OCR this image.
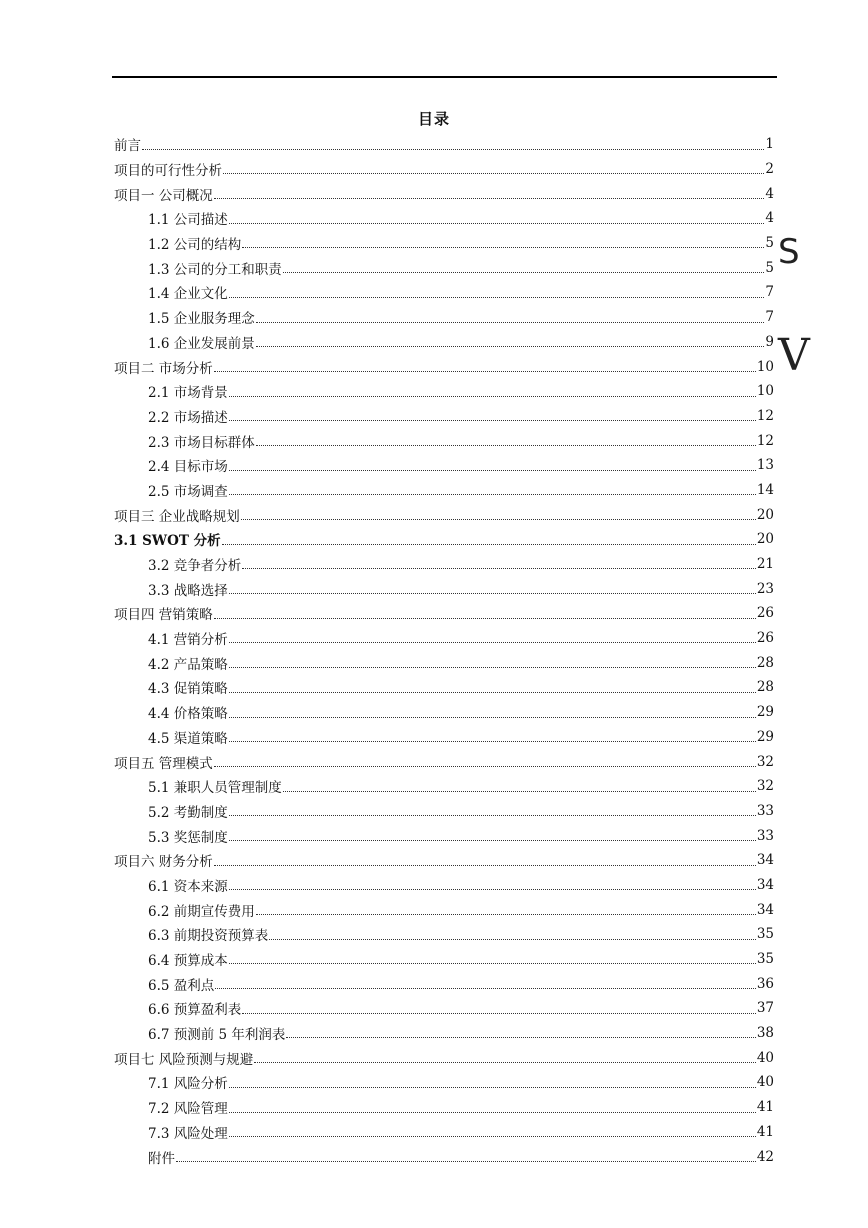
目录
前言	1
项目的可行性分析	2
项目一 公司概况	4
1.1 公司描述	4
1.2 公司的结构	5
1.3 公司的分工和职责	5
1.4 企业文化	7
1.5 企业服务理念	7
1.6 企业发展前景	9
项目二 市场分析	10
2.1 市场背景	10
2.2 市场描述	12
2.3 市场目标群体	12
2.4 目标市场	13
2.5 市场调查	14
项目三 企业战略规划	20
3.1 SWOT 分析	20
3.2 竞争者分析	21
3.3 战略选择	23
项目四 营销策略	26
4.1 营销分析	26
4.2 产品策略	28
4.3 促销策略	28
4.4 价格策略	29
4.5 渠道策略	29
项目五 管理模式	32
5.1 兼职人员管理制度	32
5.2 考勤制度	33
5.3 奖惩制度	33
项目六 财务分析	34
6.1 资本来源	34
6.2 前期宣传费用	34
6.3 前期投资预算表	35
6.4 预算成本	35
6.5 盈利点	36
6.6 预算盈利表	37
6.7 预测前 5 年利润表	38
项目七 风险预测与规避	40
7.1 风险分析	40
7.2 风险管理	41
7.3 风险处理	41
附件	42
S
V
